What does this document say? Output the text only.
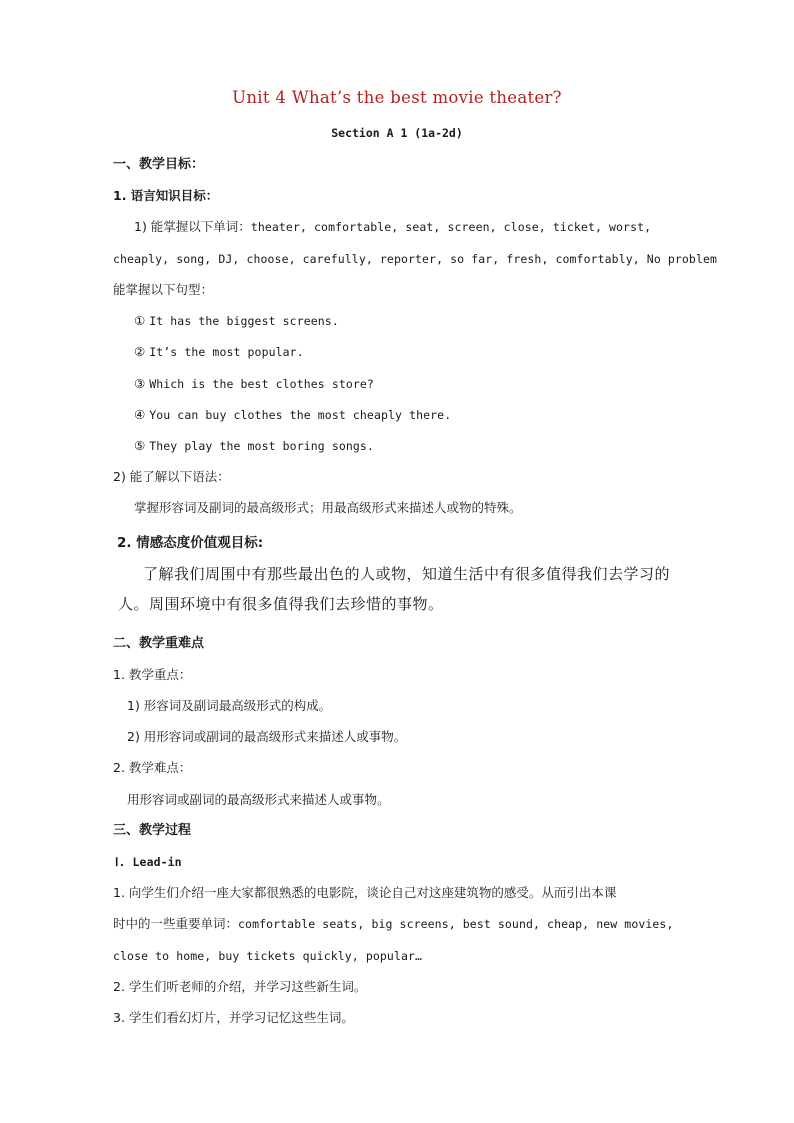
Unit 4 What’s the best movie theater?
Section A 1 (1a-2d)
一、教学目标：
1. 语言知识目标：
1) 能掌握以下单词：theater, comfortable, seat, screen, close, ticket, worst,
cheaply, song, DJ, choose, carefully, reporter, so far, fresh, comfortably, No problem
能掌握以下句型：
① It has the biggest screens.
② It’s the most popular.
③ Which is the best clothes store?
④ You can buy clothes the most cheaply there.
⑤ They play the most boring songs.
2) 能了解以下语法：
掌握形容词及副词的最高级形式；用最高级形式来描述人或物的特殊。
2. 情感态度价值观目标:
了解我们周围中有那些最出色的人或物，知道生活中有很多值得我们去学习的
人。周围环境中有很多值得我们去珍惜的事物。
二、教学重难点
1. 教学重点：
1) 形容词及副词最高级形式的构成。
2) 用形容词或副词的最高级形式来描述人或事物。
2. 教学难点：
用形容词或副词的最高级形式来描述人或事物。
三、教学过程
Ⅰ. Lead-in
1. 向学生们介绍一座大家都很熟悉的电影院，谈论自己对这座建筑物的感受。从而引出本课
时中的一些重要单词：comfortable seats, big screens, best sound, cheap, new movies,
close to home, buy tickets quickly, popular…
2. 学生们听老师的介绍，并学习这些新生词。
3. 学生们看幻灯片，并学习记忆这些生词。
